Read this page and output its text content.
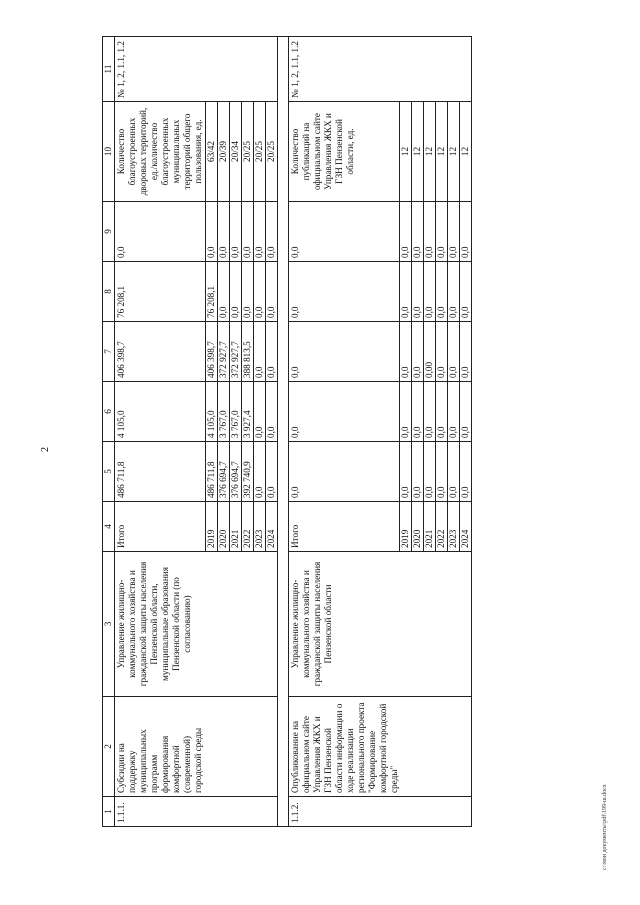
2
1	2	3	4	5	6	7	8	9	10	11
1.1.1.	Субсидии на поддержку муниципальных программ формирования комфортной (современной) городской среды	Управление жилищно-коммунального хозяйства и гражданской защиты населения Пензенской области, муниципальные образования Пензенской области (по согласованию)	Итого	486 711,8	4 105,0	406 398,7	76 208,1	0,0	Количество благоустроенных дворовых территорий, ед./количество благоустроенных муниципальных территорий общего пользования, ед.	№ 1, 2, 1.1, 1.2
			2019	486 711,8	4 105,0	406 398,7	76 208,1	0,0	63/42	
			2020	376 694,7	3 767,0	372 927,7	0,0	0,0	20/39	
			2021	376 694,7	3 767,0	372 927,7	0,0	0,0	20/34	
			2022	392 740,9	3 927,4	388 813,5	0,0	0,0	20/25	
			2023	0,0	0,0	0,0	0,0	0,0	20/25	
			2024	0,0	0,0	0,0	0,0	0,0	20/25	

1.1.2.	Опубликование на официальном сайте Управления ЖКХ и ГЗН Пензенской области информации о ходе реализации регионального проекта "Формирование комфортной городской среды"	Управление жилищно-коммунального хозяйства и гражданской защиты населения Пензенской области	Итого	0,0	0,0	0,0	0,0	0,0	Количество публикаций на официальном сайте Управления ЖКХ и ГЗН Пензенской области, ед.	№ 1, 2, 1.1, 1.2
			2019	0,0	0,0	0,0	0,0	0,0	12	
			2020	0,0	0,0	0,0	0,0	0,0	12	
			2021	0,0	0,0	0,00	0,0	0,0	12	
			2022	0,0	0,0	0,0	0,0	0,0	12	
			2023	0,0	0,0	0,0	0,0	0,0	12	
			2024	0,0	0,0	0,0	0,0	0,0	12	
c:\мои документы\pdf\199-ш.docx
